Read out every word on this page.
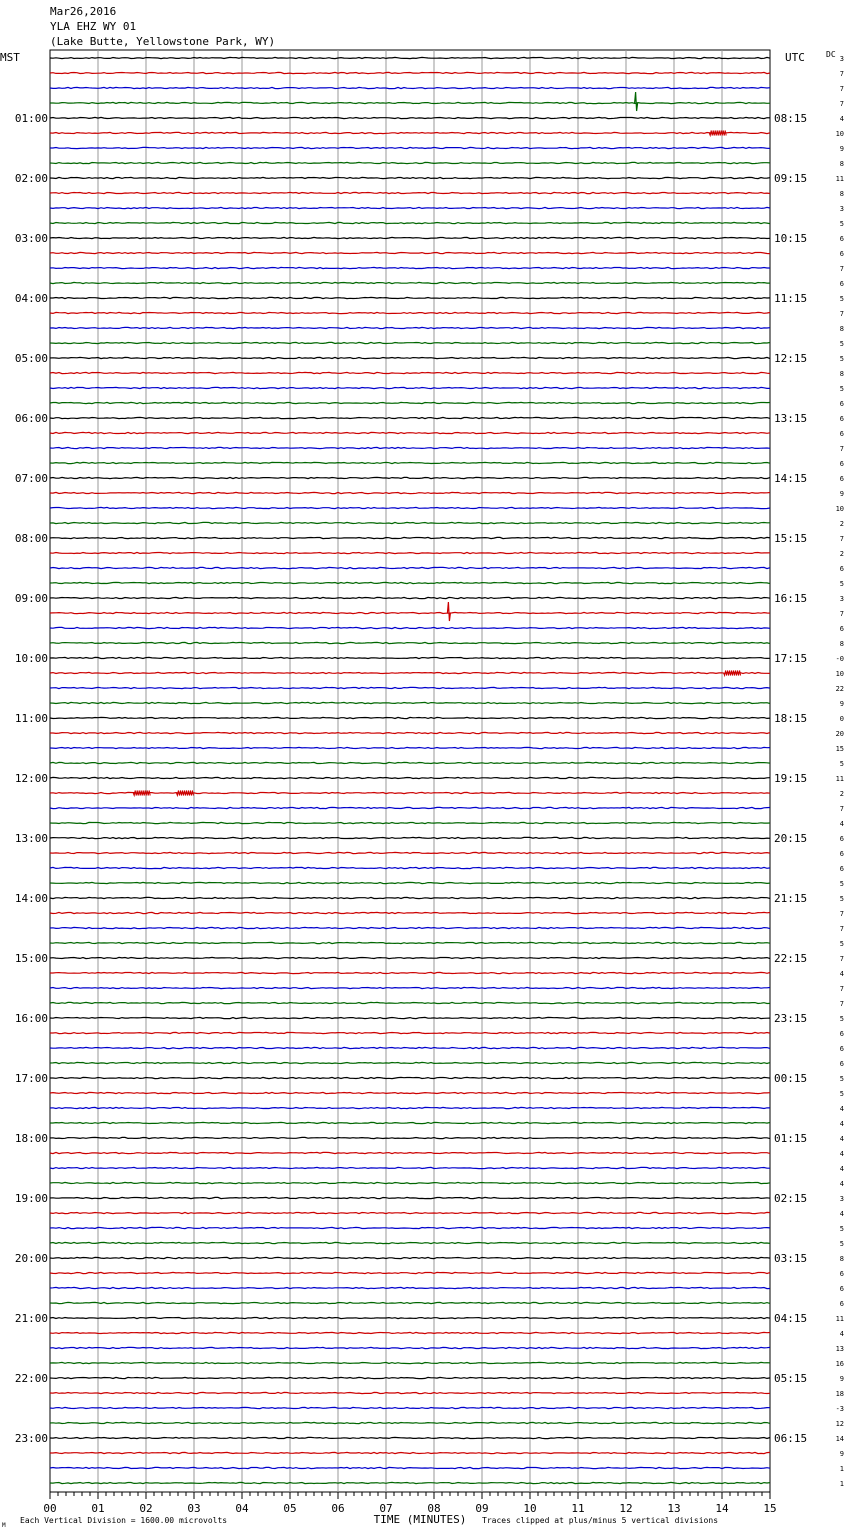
Mar26,2016
YLA EHZ WY 01
(Lake Butte, Yellowstone Park, WY)
MST	UTC	DC
01:00
02:00
03:00
04:00
05:00
06:00
07:00
08:00
09:00
10:00
11:00
12:00
13:00
14:00
15:00
16:00
17:00
18:00
19:00
20:00
21:00
22:00
23:00
08:15
09:15
10:15
11:15
12:15
13:15
14:15
15:15
16:15
17:15
18:15
19:15
20:15
21:15
22:15
23:15
00:15
01:15
02:15
03:15
04:15
05:15
06:15
3
7
7
7
4
10
9
8
11
8
3
5
6
6
7
6
5
7
8
5
5
8
5
6
6
6
7
6
6
9
10
2
7
2
6
5
3
7
6
8
-0
10
22
9
0
20
15
5
11
2
7
4
6
6
6
5
5
7
7
5
7
4
7
7
5
6
6
6
5
5
4
4
4
4
4
4
3
4
5
5
8
6
6
6
11
4
13
16
9
18
-3
12
14
9
1
1
00	01	02	03	04	05	06	07	08	09	10	11	12	13	14	15
TIME (MINUTES)
Each Vertical Division = 1600.00 microvolts	Traces clipped at plus/minus 5 vertical divisions
M
